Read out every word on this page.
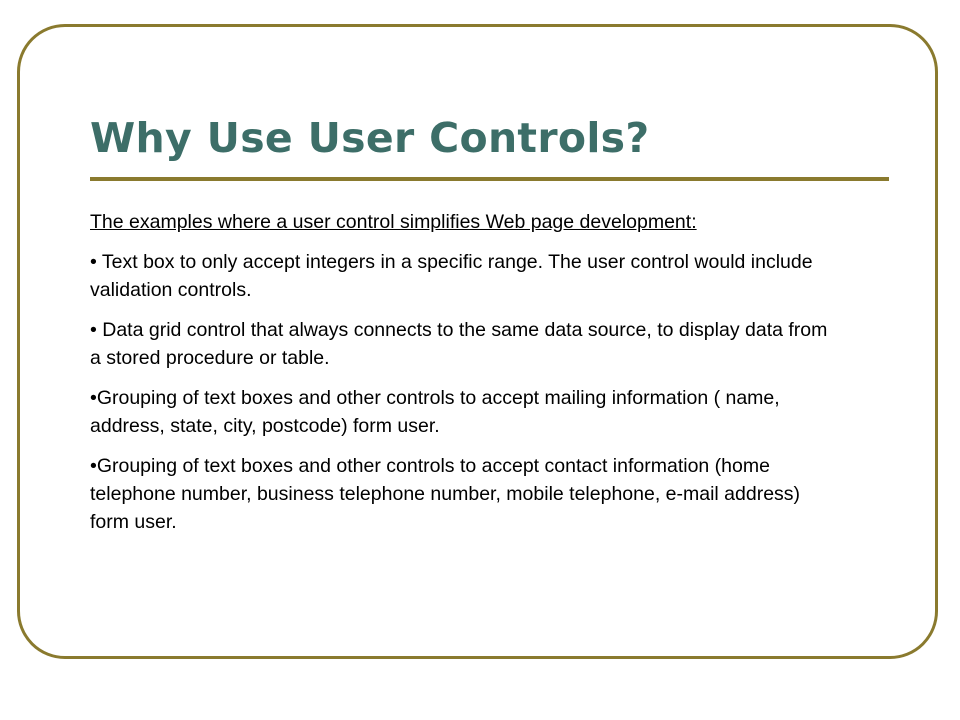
Why Use User Controls?

The examples where a user control simplifies Web page development:

• Text box to only accept integers in a specific range. The user control would include validation controls.

• Data grid control that always connects to the same data source, to display data from a stored procedure or table.

•Grouping of text boxes and other controls to accept mailing information ( name, address, state, city, postcode) form user.

•Grouping of text boxes and other controls to accept contact information (home telephone number, business telephone number, mobile telephone, e-mail address) form user.
